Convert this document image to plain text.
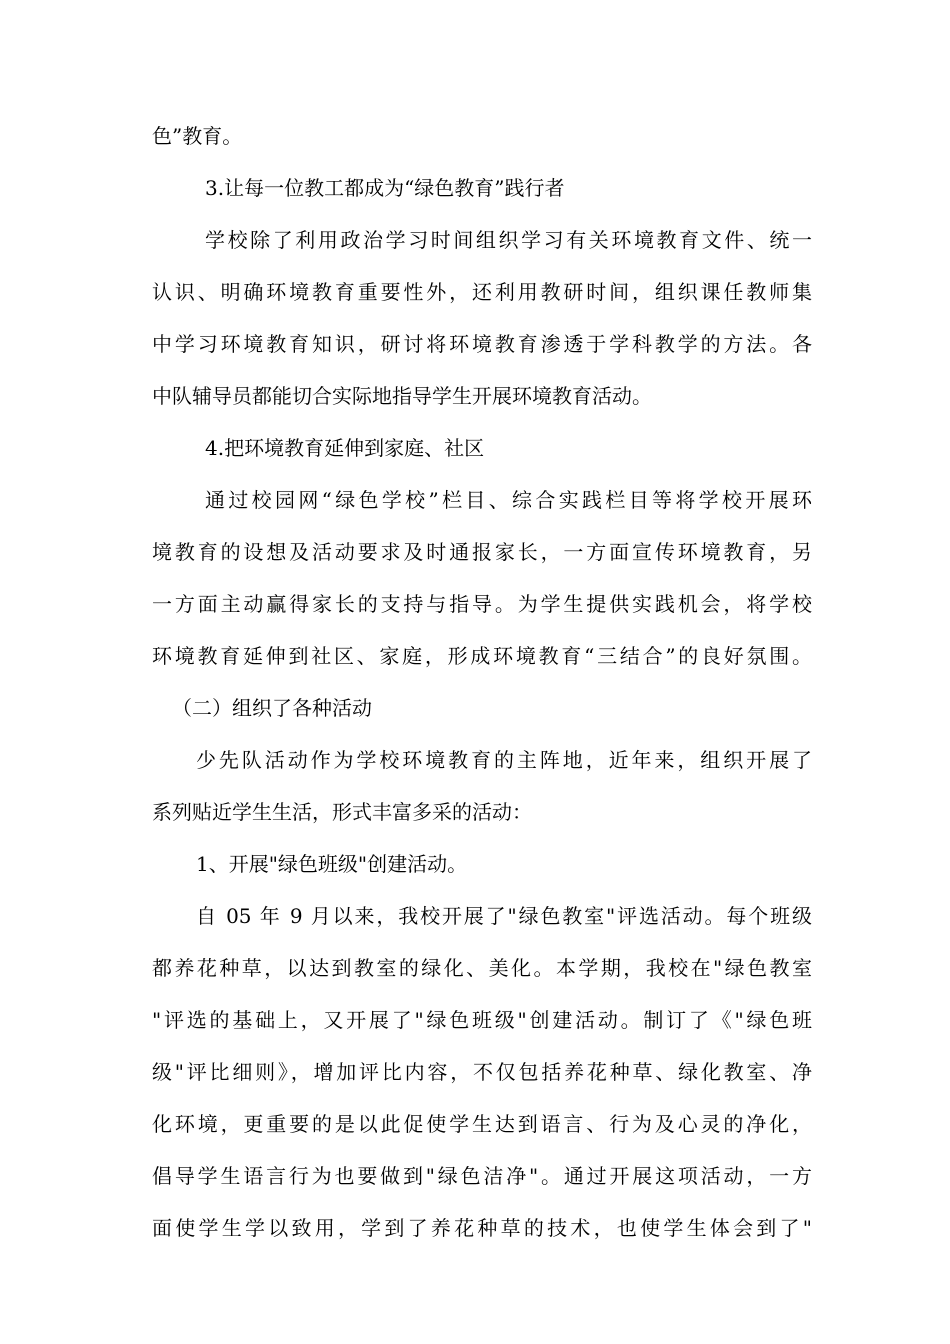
色”教育。
3.让每一位教工都成为“绿色教育”践行者
学校除了利用政治学习时间组织学习有关环境教育文件、统一
认识、明确环境教育重要性外，还利用教研时间，组织课任教师集
中学习环境教育知识，研讨将环境教育渗透于学科教学的方法。各
中队辅导员都能切合实际地指导学生开展环境教育活动。
4.把环境教育延伸到家庭、社区
通过校园网“绿色学校”栏目、综合实践栏目等将学校开展环
境教育的设想及活动要求及时通报家长，一方面宣传环境教育，另
一方面主动赢得家长的支持与指导。为学生提供实践机会，将学校
环境教育延伸到社区、家庭，形成环境教育“三结合”的良好氛围。
（二）组织了各种活动
少先队活动作为学校环境教育的主阵地，近年来，组织开展了
系列贴近学生生活，形式丰富多采的活动：
1、开展"绿色班级"创建活动。
自 05 年 9 月以来，我校开展了"绿色教室"评选活动。每个班级
都养花种草，以达到教室的绿化、美化。本学期，我校在"绿色教室
"评选的基础上，又开展了"绿色班级"创建活动。制订了《"绿色班
级"评比细则》，增加评比内容，不仅包括养花种草、绿化教室、净
化环境，更重要的是以此促使学生达到语言、行为及心灵的净化，
倡导学生语言行为也要做到"绿色洁净"。通过开展这项活动，一方
面使学生学以致用，学到了养花种草的技术，也使学生体会到了"
